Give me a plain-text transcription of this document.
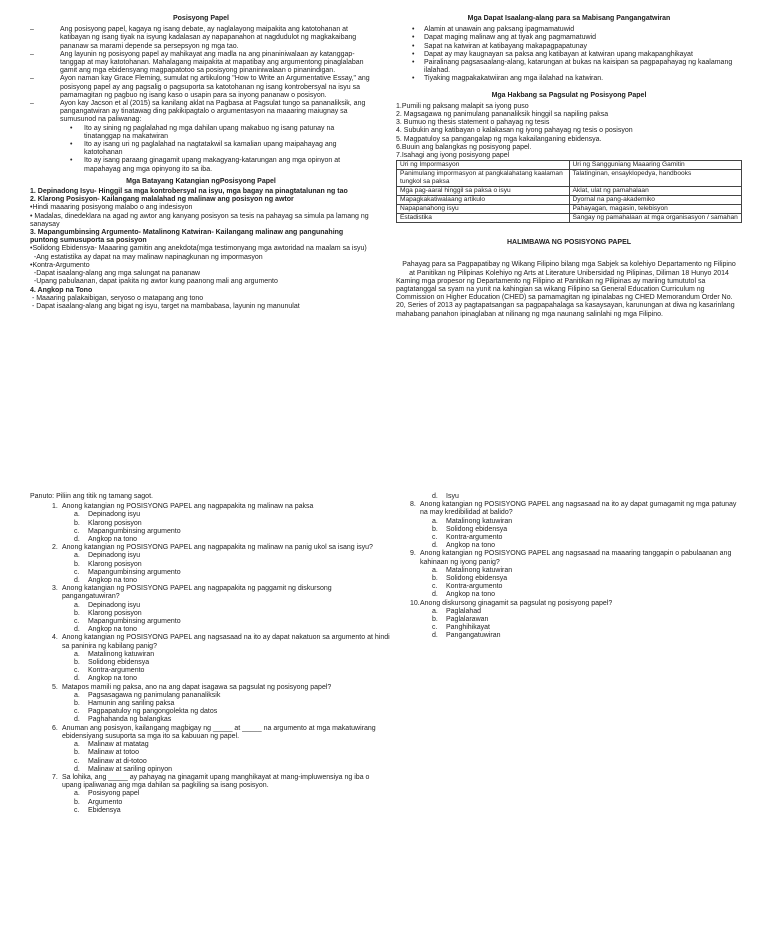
Posisyong Papel
– Ang posisyong papel, kagaya ng isang debate, ay naglalayong maipakita ang katotohanan at katibayan ng isang tiyak na isyung kadalasan ay napapanahon at nagdudulot ng magkakaibang pananaw sa marami depende sa persepsyon ng mga tao.
– Ang layunin ng posisyong papel ay mahikayat ang madla na ang pinaniniwalaan ay katanggap-tanggap at may katotohanan. Mahalagang maipakita at mapatibay ang argumentong pinaglalaban gamit ang mga ebidensyang magpapatotoo sa posisyong pinaniniwalaan o pinanindigan.
– Ayon naman kay Grace Fleming, sumulat ng artikulong "How to Write an Argumentative Essay," ang posisyong papel ay ang pagsalig o pagsuporta sa katotohanan ng isang kontrobersyal na isyu sa pamamagitan ng pagbuo ng isang kaso o usapin para sa inyong pananaw o posisyon.
– Ayon kay Jacson et al (2015) sa kanilang aklat na Pagbasa at Pagsulat tungo sa pananaliksik, ang pangangatwiran ay tinatawag ding pakikipagtalo o argumentasyon na maaaring maiugnay sa sumusunod na paliwanag:
• Ito ay sining ng paglalahad ng mga dahilan upang makabuo ng isang patunay na tinatanggap na makatwiran
• Ito ay isang uri ng paglalahad na nagtatakwil sa kamalian upang maipahayag ang katotohanan
• Ito ay isang paraang ginagamit upang makagyang-katarungan ang mga opinyon at mapahayag ang mga opinyong ito sa iba.
Mga Batayang Katangian ngPosisyong Papel
1. Depinadong Isyu- Hinggil sa mga kontrobersyal na isyu, mga bagay na pinagtatalunan ng tao
2. Klarong Posisyon- Kailangang malalahad ng malinaw ang posisyon ng awtor
•Hindi maaaring posisyong malabo o ang indesisyon
• Madalas, dinedeklara na agad ng awtor ang kanyang posisyon sa tesis na pahayag sa simula pa lamang ng sanaysay
3. Mapangumbinsing Argumento- Matalinong Katwiran- Kailangang malinaw ang pangunahing puntong sumusuporta sa posisyon
•Solidong Ebidensya- Maaaring gamitin ang anekdota(mga testimonyang mga awtoridad na maalam sa isyu)
-Ang estatistika ay dapat na may malinaw napinagkunan ng impormasyon
•Kontra-Argumento
-Dapat isaalang-alang ang mga salungat na pananaw
-Upang pabulaanan, dapat ipakita ng awtor kung paanong mali ang argumento
4. Angkop na Tono
- Maaaring palakaibigan, seryoso o matapang ang tono
- Dapat isaalang-alang ang bigat ng isyu, target na mambabasa, layunin ng manunulat
Mga Dapat Isaalang-alang para sa Mabisang Pangangatwiran
• Alamin at unawain ang paksang ipagmamatuwid
• Dapat maging malinaw ang at tiyak ang pagmamatuwid
• Sapat na katwiran at katibayang makapagpapatunay
• Dapat ay may kaugnayan sa paksa ang katibayan at katwiran upang makapanghikayat
• Pairalinang pagsasaalang-alang, katarungan at bukas na kaisipan sa pagpapahayag ng kaalamang ilalahad.
• Tiyaking magpakakatwiiran ang mga ilalahad na katwiran.
Mga Hakbang sa Pagsulat ng Posisyong Papel
1.Pumili ng paksang malapit sa iyong puso
2. Magsagawa ng panimulang pananaliksik hinggil sa napiling paksa
3. Bumuo ng thesis statement o pahayag ng tesis
4. Subukin ang katibayan o kalakasan ng iyong pahayag ng tesis o posisyon
5. Magpatuloy sa pangangalap ng mga kakailanganing ebidensya.
6.Buuin ang balangkas ng posisyong papel.
7.Isahagi ang iyong posisyong papel
Uri ng Impormasyon	Uri ng Sangguniang Maaaring Gamitin
Panimulang impormasyon at pangkalahatang kaalaman tungkol sa paksa	Talatinginan, ensayklopedya, handbooks
Mga pag-aaral hinggil sa paksa o isyu	Aklat, ulat ng pamahalaan
Mapagkakatiwalaang artikulo	Dyornal na pang-akademiko
Napapanahong isyu	Pahayagan, magasin, telebisyon
Estadistika	Sangay ng pamahalaan at mga organisasyon / samahan
HALIMBAWA NG POSISYONG PAPEL

Pahayag para sa Pagpapatibay ng Wikang Filipino bilang mga Sabjek sa kolehiyo Departamento ng Filipino at Panitikan ng Pilipinas Kolehiyo ng Arts at Literature Unibersidad ng Pilipinas, Diliman 18 Hunyo 2014

Kaming mga propesor ng Departamento ng Filipino at Panitikan ng Pilipinas ay mariing tumututol sa pagtatanggal sa syam na yunit na kahingian sa wikang Filipino sa General Education Curriculum ng Commission on Higher Education (CHED) sa pamamagitan ng ipinalabas ng CHED Memorandum Order No. 20, Series of 2013 ay pagtapatsangan sa pagpapahalaga sa kasaysayan, karunungan at diwa ng kasarinlang mahabang panahon ipinaglaban at nilinang ng mga naunang salinlahi ng mga Filipino.

Panuto: Piliin ang titik ng tamang sagot.
1. Anong katangian ng POSISYONG PAPEL ang nagpapakita ng malinaw na paksa
a. Depinadong isyu
b. Klarong posisyon
c. Mapangumbinsing argumento
d. Angkop na tono
2. Anong katangian ng POSISYONG PAPEL ang nagpapakita ng malinaw na panig ukol sa isang isyu?
a. Depinadong isyu
b. Klarong posisyon
c. Mapangumbinsing argumento
d. Angkop na tono
3. Anong katangian ng POSISYONG PAPEL ang nagpapakita ng paggamit ng diskursong pangangatuwiran?
a. Depinadong isyu
b. Klarong posisyon
c. Mapangumbinsing argumento
d. Angkop na tono
4. Anong katangian ng POSISYONG PAPEL ang nagsasaad na ito ay dapat nakatuon sa argumento at hindi sa paninira ng kabilang panig?
a. Matalinong katuwiran
b. Solidong ebidensya
c. Kontra-argumento
d. Angkop na tono
5. Matapos mamili ng paksa, ano na ang dapat isagawa sa pagsulat ng posisyong papel?
a. Pagsasagawa ng panimulang pananaliksik
b. Hamunin ang sariling paksa
c. Pagpapatuloy ng pangongolekta ng datos
d. Paghahanda ng balangkas
6. Anuman ang posisyon, kailangang magbigay ng _____ at _____ na argumento at mga makatuwirang ebidensiyang susuporta sa mga ito sa kabuuan ng papel.
a. Malinaw at matatag
b. Malinaw at totoo
c. Malinaw at di-totoo
d. Malinaw at sariling opinyon
7. Sa lohika, ang _____ ay pahayag na ginagamit upang manghikayat at mang-impluwensiya ng iba o upang ipaliwanag ang mga dahilan sa pagkiling sa isang posisyon.
a. Posisyong papel
b. Argumento
c. Ebidensya
d. Isyu
8. Anong katangian ng POSISYONG PAPEL ang nagsasaad na ito ay dapat gumagamit ng mga patunay na may kredibilidad at balido?
a. Matalinong katuwiran
b. Solidong ebidensya
c. Kontra-argumento
d. Angkop na tono
9. Anong katangian ng POSISYONG PAPEL ang nagsasaad na maaaring tanggapin o pabulaanan ang kahinaan ng iyong panig?
a. Matalinong katuwiran
b. Solidong ebidensya
c. Kontra-argumento
d. Angkop na tono
10. Anong diskursong ginagamit sa pagsulat ng posisyong papel?
a. Paglalahad
b. Paglalarawan
c. Panghihikayat
d. Pangangatuwiran
